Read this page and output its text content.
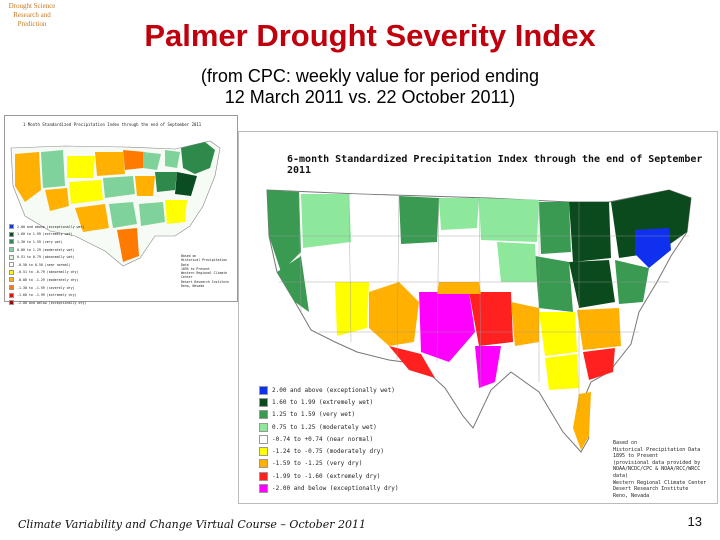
Drought Science
Research and Prediction	Palmer Drought Severity Index
(from CPC: weekly value for period ending
12 March 2011 vs. 22 October 2011)
1 Month Standardized Precipitation Index through the end of September 2011
2.00 and above (exceptionally wet)
1.60 to 1.99 (extremely wet)
1.30 to 1.59 (very wet)
0.80 to 1.29 (moderately wet)
0.51 to 0.79 (abnormally wet)
-0.50 to 0.50 (near normal)
-0.51 to -0.79 (abnormally dry)
-0.80 to -1.29 (moderately dry)
-1.30 to -1.59 (severely dry)
-1.60 to -1.99 (extremely dry)
-2.00 and below (exceptionally dry)
Based on
Historical Precipitation Data
1895 to Present
Western Regional Climate Center
Desert Research Institute
Reno, Nevada
6-month Standardized Precipitation Index through the end of September 2011
2.00 and above (exceptionally wet)
1.60 to 1.99 (extremely wet)
1.25 to 1.59 (very wet)
0.75 to 1.25 (moderately wet)
-0.74 to +0.74 (near normal)
-1.24 to -0.75 (moderately dry)
-1.59 to -1.25 (very dry)
-1.99 to -1.60 (extremely dry)
-2.00 and below (exceptionally dry)
Based on
Historical Precipitation Data
1895 to Present
(provisional data provided by
NOAA/NCDC/CPC & NOAA/RCC/WRCC data)
Western Regional Climate Center
Desert Research Institute
Reno, Nevada
Climate Variability and Change Virtual Course – October 2011	13
